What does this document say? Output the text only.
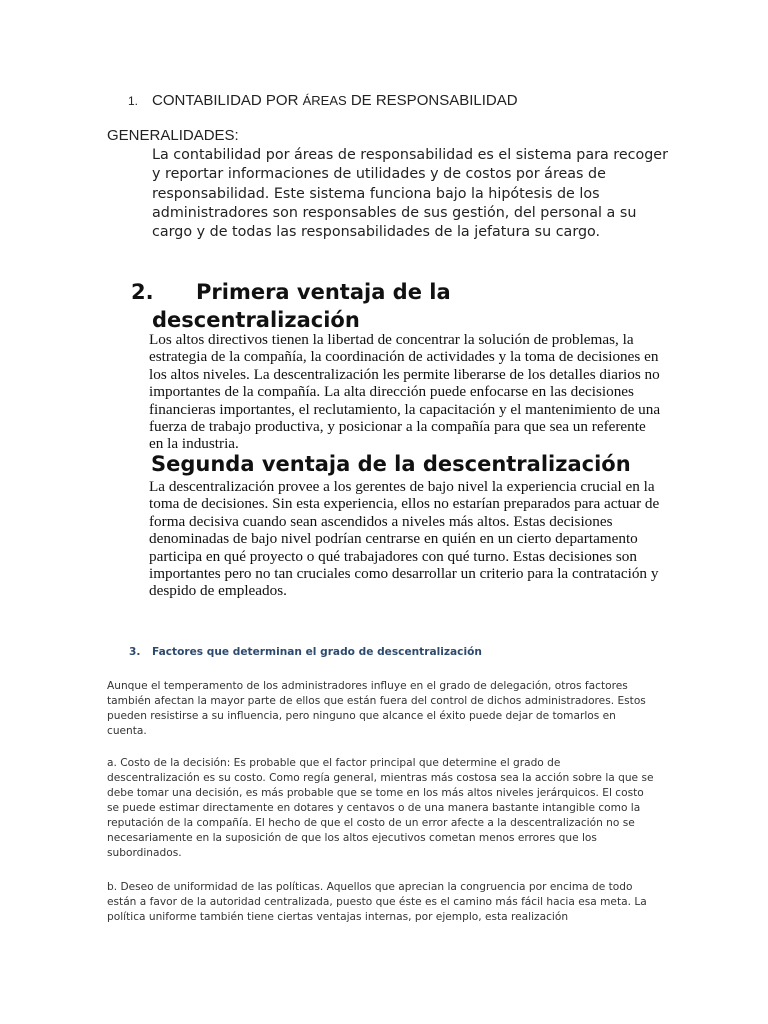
1. CONTABILIDAD POR ÁREAS DE RESPONSABILIDAD

GENERALIDADES:

La contabilidad por áreas de responsabilidad es el sistema para recoger y reportar informaciones de utilidades y de costos por áreas de responsabilidad. Este sistema funciona bajo la hipótesis de los administradores son responsables de sus gestión, del personal a su cargo y de todas las responsabilidades de la jefatura su cargo.

2. Primera ventaja de la
descentralización

Los altos directivos tienen la libertad de concentrar la solución de problemas, la estrategia de la compañía, la coordinación de actividades y la toma de decisiones en los altos niveles. La descentralización les permite liberarse de los detalles diarios no importantes de la compañía. La alta dirección puede enfocarse en las decisiones financieras importantes, el reclutamiento, la capacitación y el mantenimiento de una fuerza de trabajo productiva, y posicionar a la compañía para que sea un referente en la industria.

Segunda ventaja de la descentralización

La descentralización provee a los gerentes de bajo nivel la experiencia crucial en la toma de decisiones. Sin esta experiencia, ellos no estarían preparados para actuar de forma decisiva cuando sean ascendidos a niveles más altos. Estas decisiones denominadas de bajo nivel podrían centrarse en quién en un cierto departamento participa en qué proyecto o qué trabajadores con qué turno. Estas decisiones son importantes pero no tan cruciales como desarrollar un criterio para la contratación y despido de empleados.

3. Factores que determinan el grado de descentralización

Aunque el temperamento de los administradores influye en el grado de delegación, otros factores también afectan la mayor parte de ellos que están fuera del control de dichos administradores. Estos pueden resistirse a su influencia, pero ninguno que alcance el éxito puede dejar de tomarlos en cuenta.

a. Costo de la decisión: Es probable que el factor principal que determine el grado de descentralización es su costo. Como regía general, mientras más costosa sea la acción sobre la que se debe tomar una decisión, es más probable que se tome en los más altos niveles jerárquicos. El costo se puede estimar directamente en dotares y centavos o de una manera bastante intangible como la reputación de la compañía. El hecho de que el costo de un error afecte a la descentralización no se necesariamente en la suposición de que los altos ejecutivos cometan menos errores que los subordinados.

b. Deseo de uniformidad de las políticas. Aquellos que aprecian la congruencia por encima de todo están a favor de la autoridad centralizada, puesto que éste es el camino más fácil hacia esa meta. La política uniforme también tiene ciertas ventajas internas, por ejemplo, esta realización
